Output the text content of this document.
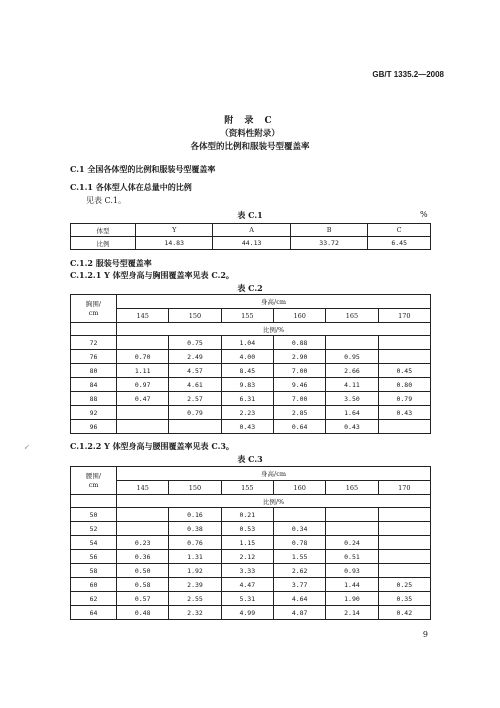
GB/T 1335.2—2008
附 录 C
（资料性附录）
各体型的比例和服装号型覆盖率
C.1 全国各体型的比例和服装号型覆盖率
C.1.1 各体型人体在总量中的比例
见表 C.1。
表 C.1	%
体型	Y	A	B	C
比例	14.83	44.13	33.72	6.45
C.1.2 服装号型覆盖率
C.1.2.1 Y 体型身高与胸围覆盖率见表 C.2。
表 C.2
胸围/
cm	身高/cm					
	145	150	155	160	165	170
	比例/%					
72		0.75	1.04	0.88		
76	0.70	2.49	4.00	2.90	0.95	
80	1.11	4.57	8.45	7.00	2.66	0.45
84	0.97	4.61	9.83	9.46	4.11	0.80
88	0.47	2.57	6.31	7.00	3.50	0.79
92		0.79	2.23	2.85	1.64	0.43
96			0.43	0.64	0.43	
C.1.2.2 Y 体型身高与腰围覆盖率见表 C.3。
表 C.3
腰围/
cm	身高/cm					
	145	150	155	160	165	170
	比例/%					
50		0.16	0.21			
52		0.38	0.53	0.34		
54	0.23	0.76	1.15	0.78	0.24	
56	0.36	1.31	2.12	1.55	0.51	
58	0.50	1.92	3.33	2.62	0.93	
60	0.58	2.39	4.47	3.77	1.44	0.25
62	0.57	2.55	5.31	4.64	1.90	0.35
64	0.48	2.32	4.99	4.87	2.14	0.42
↙
9
